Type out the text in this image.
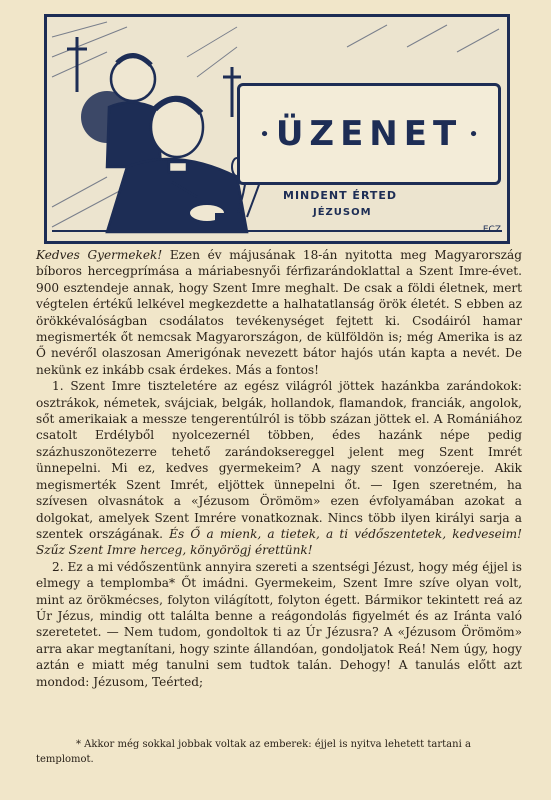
• ÜZENET •
MINDENT ÉRTED
JÉZUSOM
ECZ

Kedves Gyermekek! Ezen év májusának 18-án nyitotta meg Magyarország bíboros hercegprímása a máriabesnyői férfizarándoklattal a Szent Imre-évet. 900 esztendeje annak, hogy Szent Imre meghalt. De csak a földi életnek, mert végtelen értékű lelkével megkezdette a halhatatlanság örök életét. S ebben az örökkévalóságban csodálatos tevékenységet fejtett ki. Csodáiról hamar megismerték őt nemcsak Magyarországon, de külföldön is; még Amerika is az Ő nevéről olaszosan Amerigónak nevezett bátor hajós után kapta a nevét. De nekünk ez inkább csak érdekes. Más a fontos!

1. Szent Imre tiszteletére az egész világról jöttek hazánkba zarándokok: osztrákok, németek, svájciak, belgák, hollandok, flamandok, franciák, angolok, sőt amerikaiak a messze tengerentúlról is több százan jöttek el. A Romániához csatolt Erdélyből nyolcezernél többen, édes hazánk népe pedig százhuszonötezerre tehető zarándoksereggel jelent meg Szent Imrét ünnepelni. Mi ez, kedves gyermekeim? A nagy szent vonzóereje. Akik megismerték Szent Imrét, eljöttek ünnepelni őt. — Igen szeretném, ha szívesen olvasnátok a «Jézusom Örömöm» ezen évfolyamában azokat a dolgokat, amelyek Szent Imrére vonatkoznak. Nincs több ilyen királyi sarja a szentek országának. És Ő a mienk, a tietek, a ti védőszentetek, kedveseim! Szűz Szent Imre herceg, könyörögj érettünk!

2. Ez a mi védőszentünk annyira szereti a szentségi Jézust, hogy még éjjel is elmegy a templomba* Őt imádni. Gyermekeim, Szent Imre szíve olyan volt, mint az örökmécses, folyton világított, folyton égett. Bármikor tekintett reá az Úr Jézus, mindig ott találta benne a reágondolás figyelmét és az Iránta való szeretetet. — Nem tudom, gondoltok ti az Úr Jézusra? A «Jézusom Örömöm» arra akar megtanítani, hogy szinte állandóan, gondoljatok Reá! Nem úgy, hogy aztán e miatt még tanulni sem tudtok talán. Dehogy! A tanulás előtt azt mondod: Jézusom, Teérted;

* Akkor még sokkal jobbak voltak az emberek: éjjel is nyitva lehetett tartani a templomot.
